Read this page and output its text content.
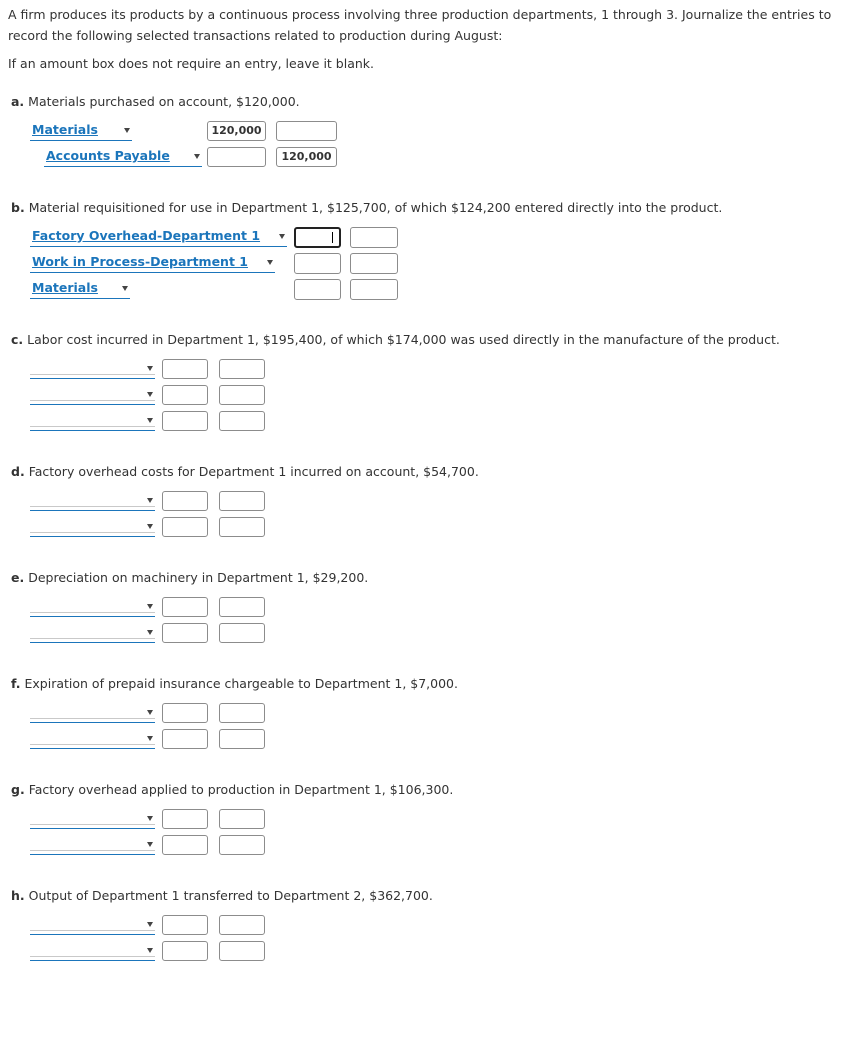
A firm produces its products by a continuous process involving three production departments, 1 through 3. Journalize the entries to record the following selected transactions related to production during August:
If an amount box does not require an entry, leave it blank.
a. Materials purchased on account, $120,000.
Materials	120,000
Accounts Payable	120,000
b. Material requisitioned for use in Department 1, $125,700, of which $124,200 entered directly into the product.
Factory Overhead-Department 1
Work in Process-Department 1
Materials
c. Labor cost incurred in Department 1, $195,400, of which $174,000 was used directly in the manufacture of the product.
d. Factory overhead costs for Department 1 incurred on account, $54,700.
e. Depreciation on machinery in Department 1, $29,200.
f. Expiration of prepaid insurance chargeable to Department 1, $7,000.
g. Factory overhead applied to production in Department 1, $106,300.
h. Output of Department 1 transferred to Department 2, $362,700.
